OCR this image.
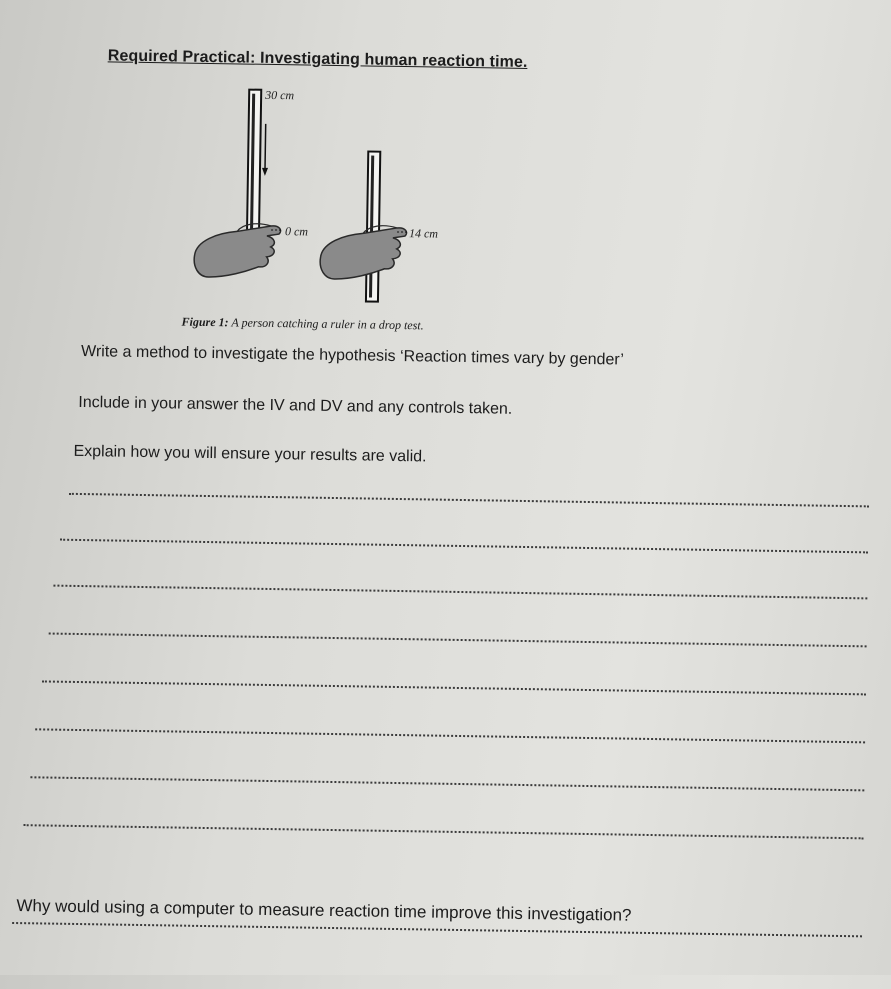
Required Practical: Investigating human reaction time.
30 cm
0 cm	14 cm
Figure 1: A person catching a ruler in a drop test.
Write a method to investigate the hypothesis ‘Reaction times vary by gender’
Include in your answer the IV and DV and any controls taken.
Explain how you will ensure your results are valid.
Why would using a computer to measure reaction time improve this investigation?
